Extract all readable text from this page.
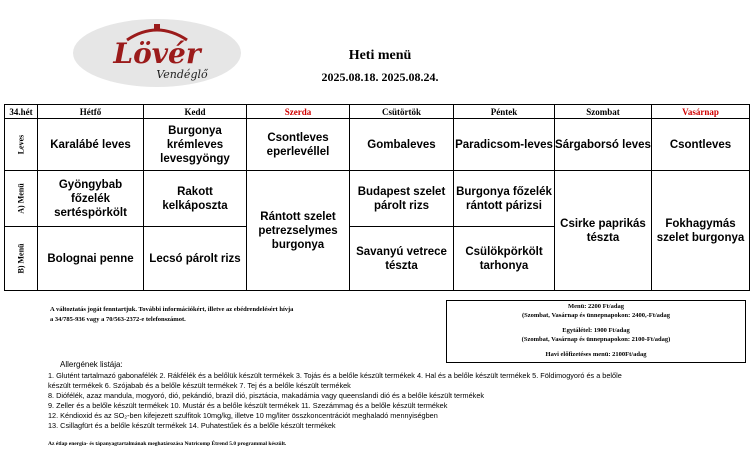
Lövér
Vendéglő
Heti menü
2025.08.18. 2025.08.24.
34.hét	Hétfő	Kedd	Szerda	Csütörtök	Péntek	Szombat	Vasárnap

Leves	Karalábé leves	Burgonya krémleves levesgyöngy	Csontleves eperlevéllel	Gombaleves	Paradicsom-leves	Sárgaborsó leves	Csontleves

A) Menü	Gyöngybab főzelék sertéspörkölt	Rakott kelkáposzta	Rántott szelet petrezselymes burgonya	Budapest szelet párolt rizs	Burgonya főzelék rántott párizsi	Csirke paprikás tészta	Fokhagymás szelet burgonya

B) Menü	Bolognai penne	Lecsó párolt rizs		Savanyú vetrece tészta	Csülökpörkölt tarhonya		
A változtatás jogát fenntartjuk. További információkért, illetve az ebédrendelésért hívja
a 34/785-936 vagy a 70/563-2372-e telefonszámot.
Menü: 2200 Ft/adag
(Szombat, Vasárnap és ünnepnapokon: 2400,-Ft/adag
Egytálétel: 1900 Ft/adag
(Szombat, Vasárnap és ünnepnapokon: 2100-Ft/adag)
Havi előfizetéses menü: 2100Ft/adag
Allergének listája:
1. Glutént tartalmazó gabonafélék 2. Rákfélék és a belőlük készült termékek 3. Tojás és a belőle készült termékek 4. Hal és a belőle készült termékek 5. Földimogyoró és a belőle
készült termékek 6. Szójabab és a belőle készült termékek 7. Tej és a belőle készült termékek
8. Diófélék, azaz mandula, mogyoró, dió, pekándió, brazil dió, pisztácia, makadámia vagy queenslandi dió és a belőle készült termékek
9. Zeller és a belőle készült termékek 10. Mustár és a belőle készült termékek 11. Szezámmag és a belőle készült termékek
12. Kéndioxid és az SO₂-ben kifejezett szulfitok 10mg/kg, illetve 10 mg/liter összkoncentrációt meghaladó mennyiségben
13. Csillagfürt és a belőle készült termékek 14. Puhatestűek és a belőle készült termékek
Az étlap energia- és tápanyagtartalmának meghatározása Nutricomp Étrend 5.0 programmal készült.
